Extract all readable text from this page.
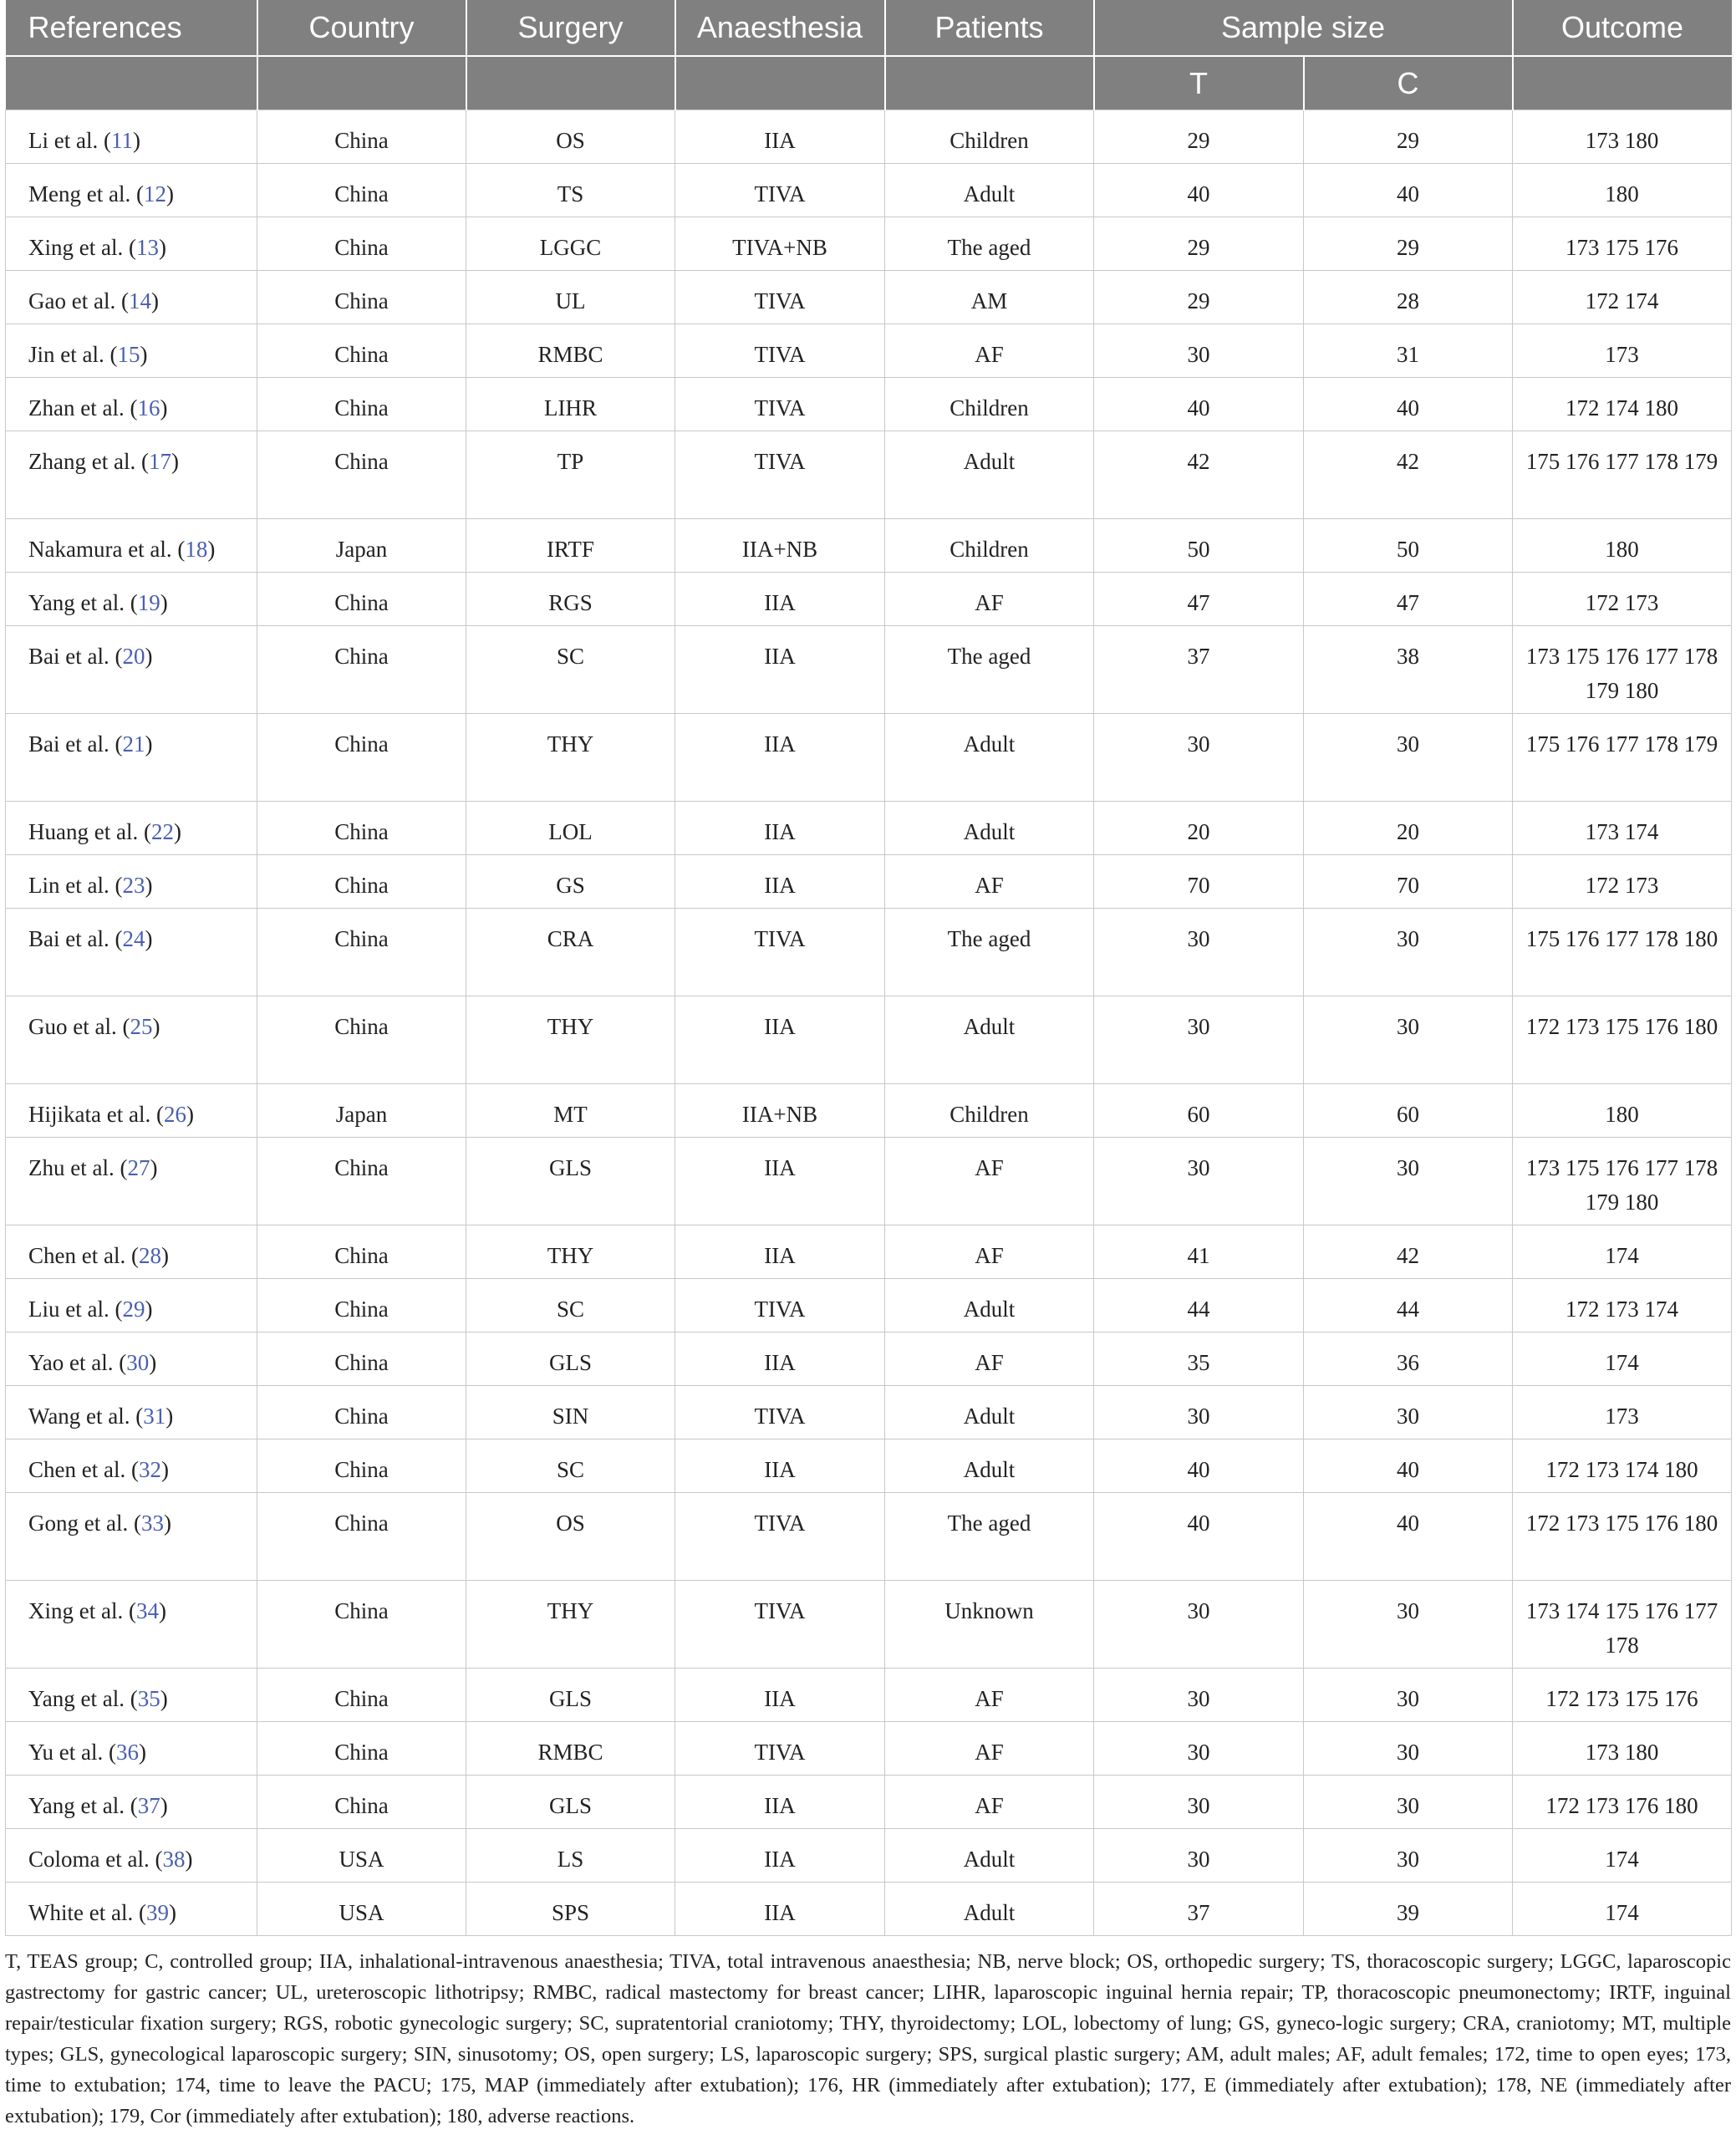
References	Country	Surgery	Anaesthesia	Patients	Sample size		Outcome
					T	C	
Li et al. (11)	China	OS	IIA	Children	29	29	173 180
Meng et al. (12)	China	TS	TIVA	Adult	40	40	180
Xing et al. (13)	China	LGGC	TIVA+NB	The aged	29	29	173 175 176
Gao et al. (14)	China	UL	TIVA	AM	29	28	172 174
Jin et al. (15)	China	RMBC	TIVA	AF	30	31	173
Zhan et al. (16)	China	LIHR	TIVA	Children	40	40	172 174 180
Zhang et al. (17)	China	TP	TIVA	Adult	42	42	175 176 177 178 179
Nakamura et al. (18)	Japan	IRTF	IIA+NB	Children	50	50	180
Yang et al. (19)	China	RGS	IIA	AF	47	47	172 173
Bai et al. (20)	China	SC	IIA	The aged	37	38	173 175 176 177 178 179 180
Bai et al. (21)	China	THY	IIA	Adult	30	30	175 176 177 178 179
Huang et al. (22)	China	LOL	IIA	Adult	20	20	173 174
Lin et al. (23)	China	GS	IIA	AF	70	70	172 173
Bai et al. (24)	China	CRA	TIVA	The aged	30	30	175 176 177 178 180
Guo et al. (25)	China	THY	IIA	Adult	30	30	172 173 175 176 180
Hijikata et al. (26)	Japan	MT	IIA+NB	Children	60	60	180
Zhu et al. (27)	China	GLS	IIA	AF	30	30	173 175 176 177 178 179 180
Chen et al. (28)	China	THY	IIA	AF	41	42	174
Liu et al. (29)	China	SC	TIVA	Adult	44	44	172 173 174
Yao et al. (30)	China	GLS	IIA	AF	35	36	174
Wang et al. (31)	China	SIN	TIVA	Adult	30	30	173
Chen et al. (32)	China	SC	IIA	Adult	40	40	172 173 174 180
Gong et al. (33)	China	OS	TIVA	The aged	40	40	172 173 175 176 180
Xing et al. (34)	China	THY	TIVA	Unknown	30	30	173 174 175 176 177 178
Yang et al. (35)	China	GLS	IIA	AF	30	30	172 173 175 176
Yu et al. (36)	China	RMBC	TIVA	AF	30	30	173 180
Yang et al. (37)	China	GLS	IIA	AF	30	30	172 173 176 180
Coloma et al. (38)	USA	LS	IIA	Adult	30	30	174
White et al. (39)	USA	SPS	IIA	Adult	37	39	174
T, TEAS group; C, controlled group; IIA, inhalational-intravenous anaesthesia; TIVA, total intravenous anaesthesia; NB, nerve block; OS, orthopedic surgery; TS, thoracoscopic surgery; LGGC, laparoscopic gastrectomy for gastric cancer; UL, ureteroscopic lithotripsy; RMBC, radical mastectomy for breast cancer; LIHR, laparoscopic inguinal hernia repair; TP, thoracoscopic pneumonectomy; IRTF, inguinal repair/testicular fixation surgery; RGS, robotic gynecologic surgery; SC, supratentorial craniotomy; THY, thyroidectomy; LOL, lobectomy of lung; GS, gyneco-logic surgery; CRA, craniotomy; MT, multiple types; GLS, gynecological laparoscopic surgery; SIN, sinusotomy; OS, open surgery; LS, laparoscopic surgery; SPS, surgical plastic surgery; AM, adult males; AF, adult females; 172, time to open eyes; 173, time to extubation; 174, time to leave the PACU; 175, MAP (immediately after extubation); 176, HR (immediately after extubation); 177, E (immediately after extubation); 178, NE (immediately after extubation); 179, Cor (immediately after extubation); 180, adverse reactions.
